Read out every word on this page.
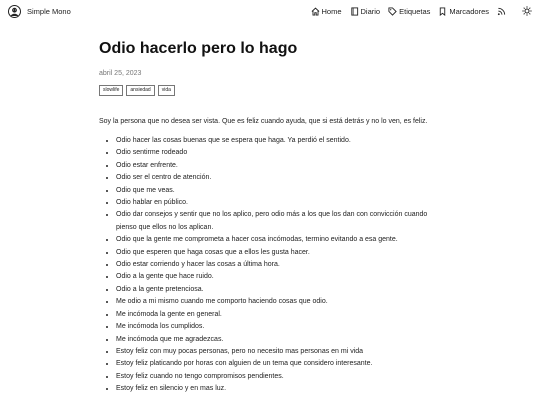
Simple Mono	Home	Diario	Etiquetas	Marcadores
Odio hacerlo pero lo hago
abril 25, 2023
slowlife	ansiedad	vida

Soy la persona que no desea ser vista. Que es feliz cuando ayuda, que si está detrás y no lo ven, es feliz.

• Odio hacer las cosas buenas que se espera que haga. Ya perdió el sentido.
• Odio sentirme rodeado
• Odio estar enfrente.
• Odio ser el centro de atención.
• Odio que me veas.
• Odio hablar en público.
• Odio dar consejos y sentir que no los aplico, pero odio más a los que los dan con convicción cuando pienso que ellos no los aplican.
• Odio que la gente me comprometa a hacer cosa incómodas, termino evitando a esa gente.
• Odio que esperen que haga cosas que a ellos les gusta hacer.
• Odio estar corriendo y hacer las cosas a última hora.
• Odio a la gente que hace ruido.
• Odio a la gente pretenciosa.
• Me odio a mi mismo cuando me comporto haciendo cosas que odio.
• Me incómoda la gente en general.
• Me incómoda los cumplidos.
• Me incómoda que me agradezcas.
• Estoy feliz con muy pocas personas, pero no necesito mas personas en mi vida
• Estoy feliz platicando por horas con alguien de un tema que considero interesante.
• Estoy feliz cuando no tengo compromisos pendientes.
• Estoy feliz en silencio y en mas luz.
